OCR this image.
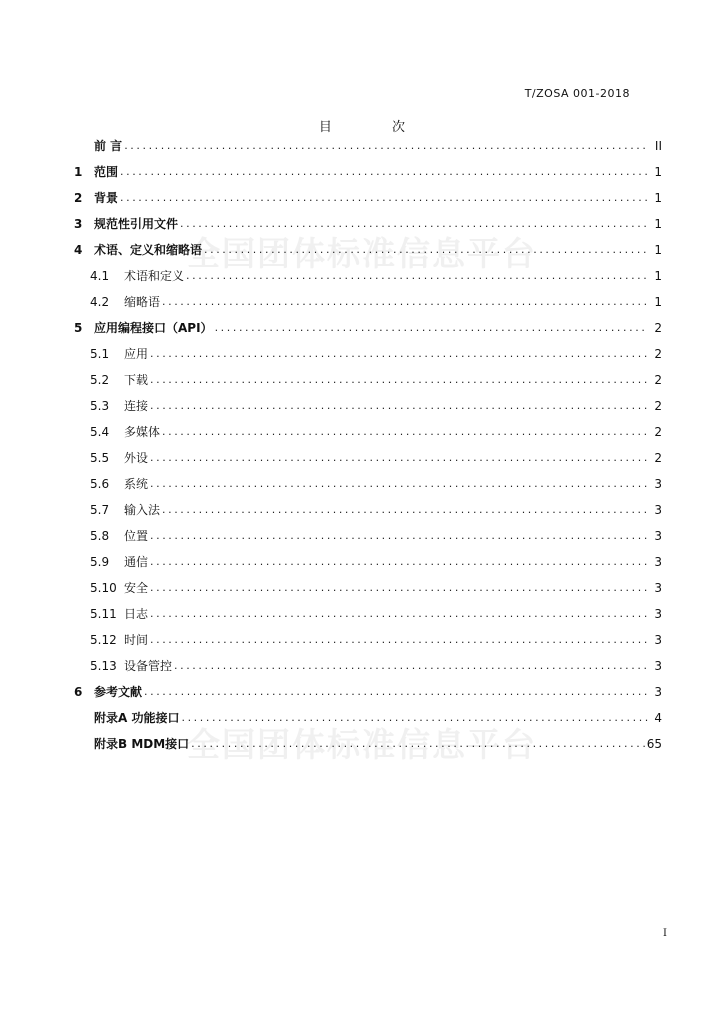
T/ZOSA 001-2018
目 次
全国团体标准信息平台
全国团体标准信息平台
前 言 .....	II
1 范围 .....	1
2 背景 .....	1
3 规范性引用文件 .....	1
4 术语、定义和缩略语 .....	1
4.1 术语和定义 .....	1
4.2 缩略语 .....	1
5 应用编程接口（API） .....	2
5.1 应用 .....	2
5.2 下载 .....	2
5.3 连接 .....	2
5.4 多媒体 .....	2
5.5 外设 .....	2
5.6 系统 .....	3
5.7 输入法 .....	3
5.8 位置 .....	3
5.9 通信 .....	3
5.10 安全 .....	3
5.11 日志 .....	3
5.12 时间 .....	3
5.13 设备管控 .....	3
6 参考文献 .....	3
附录A 功能接口 .....	4
附录B MDM接口 .....	65
I
